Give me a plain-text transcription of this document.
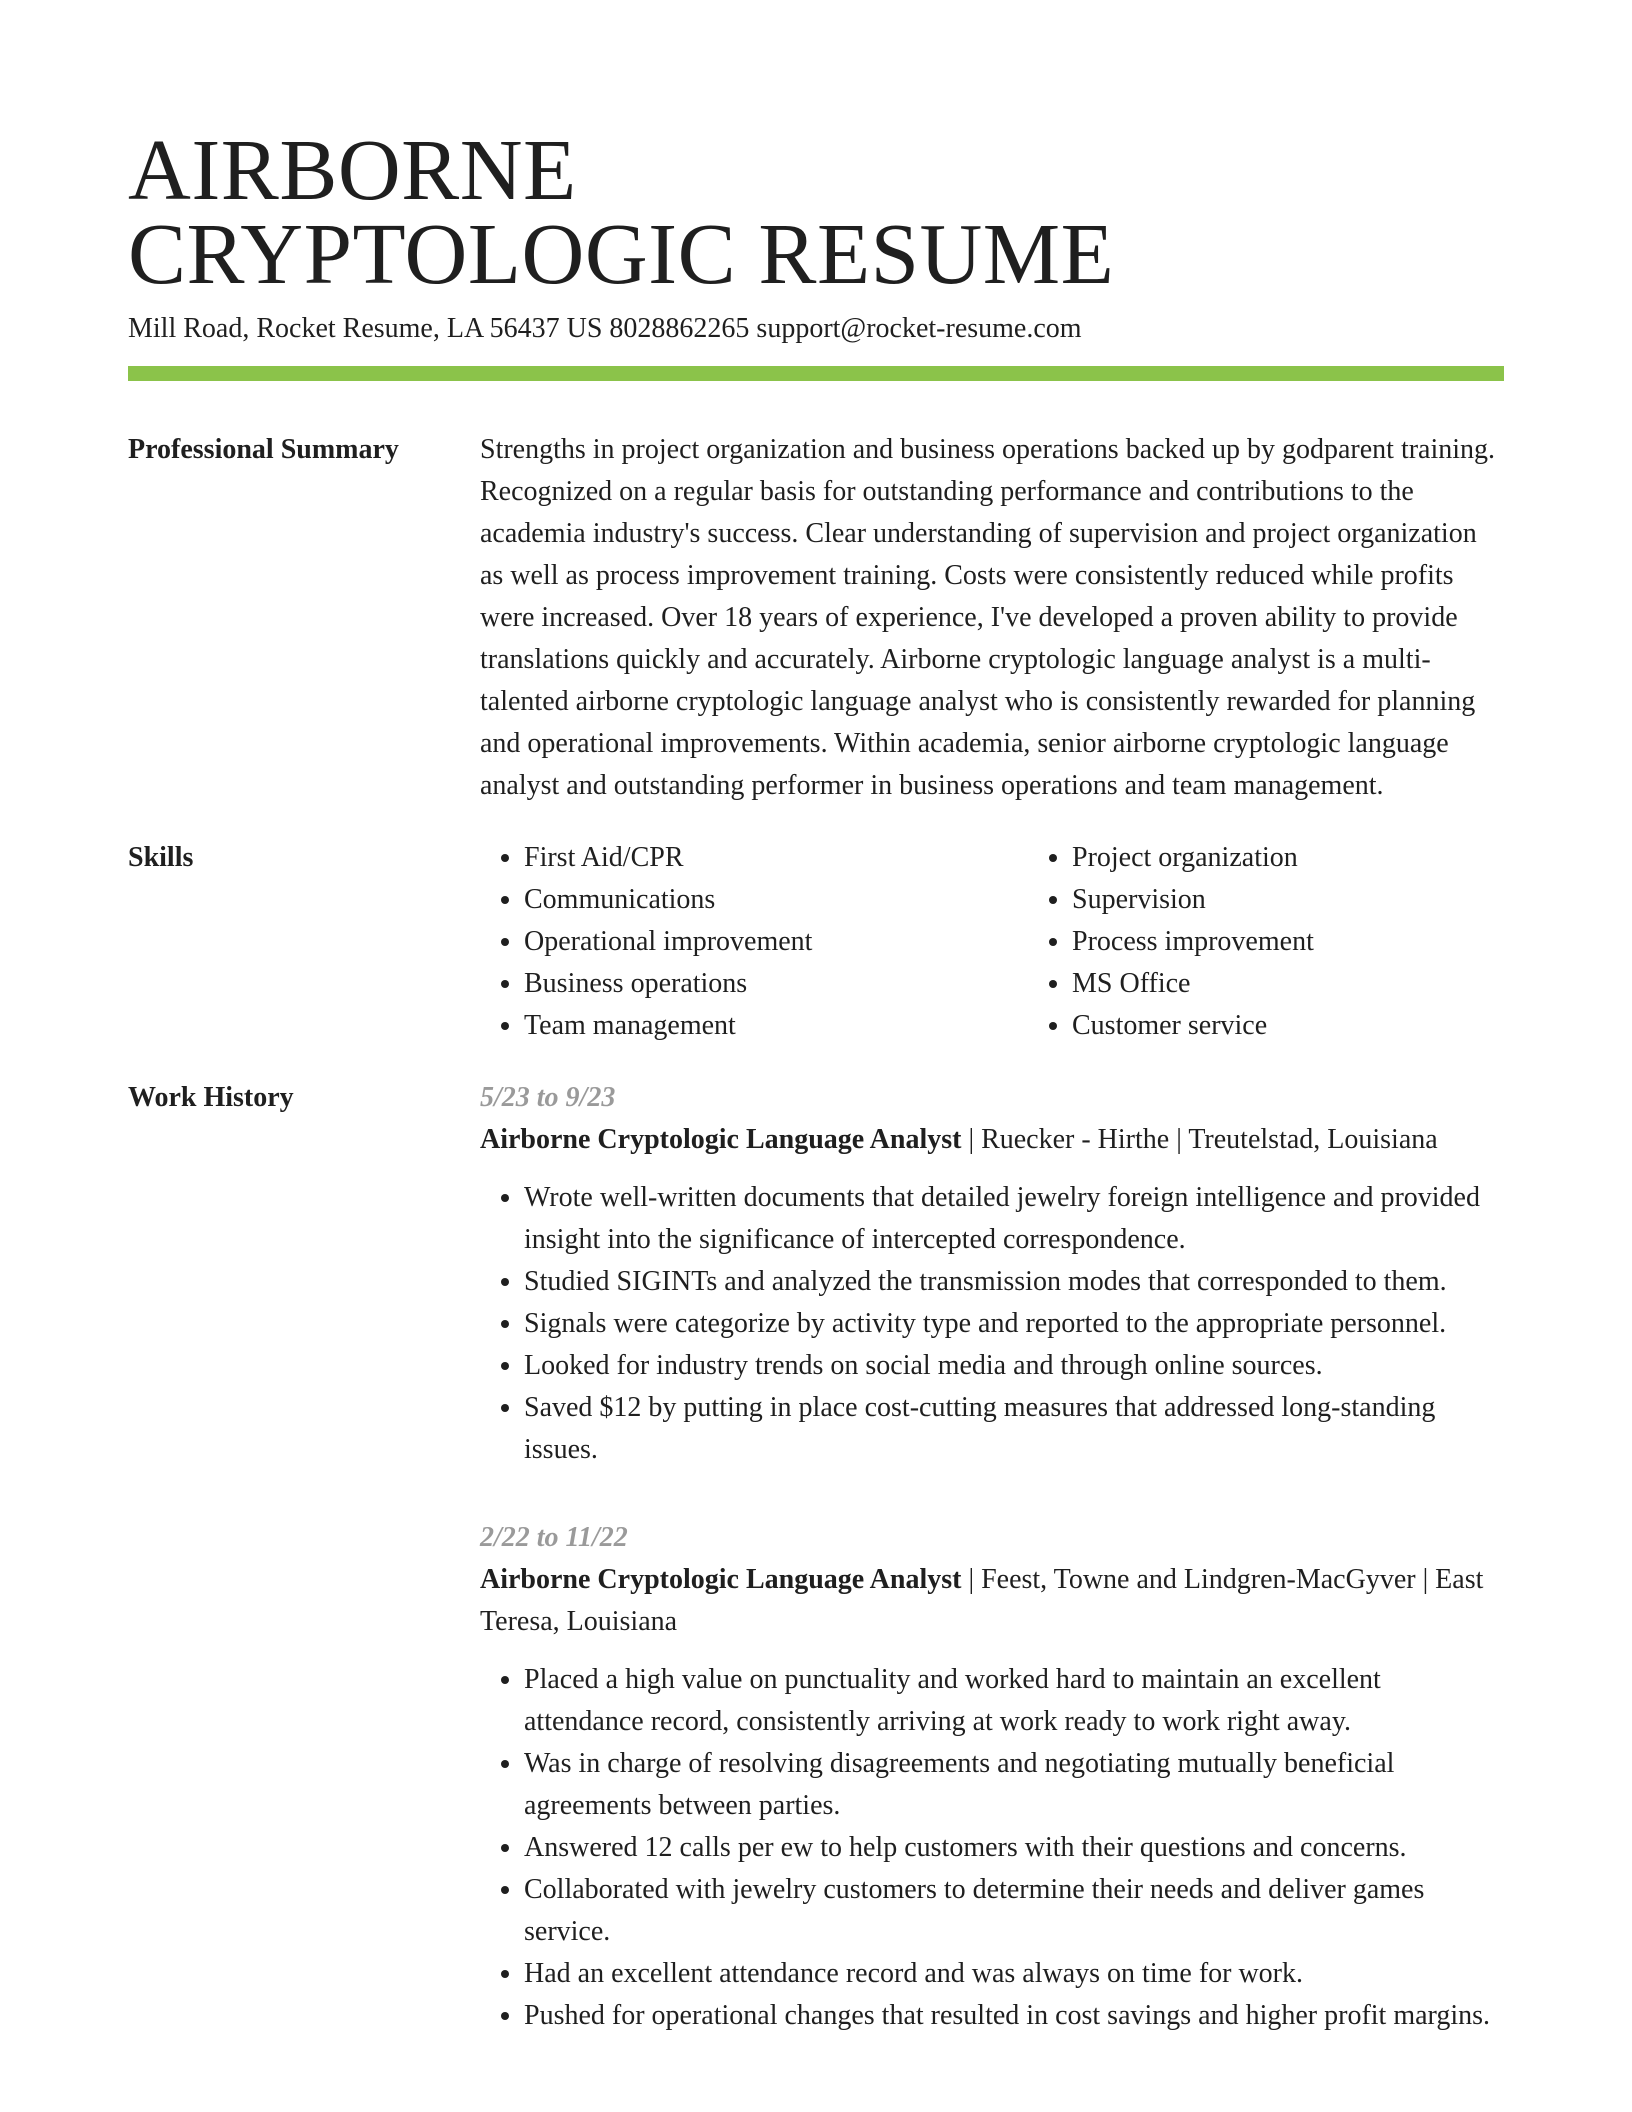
AIRBORNE
CRYPTOLOGIC RESUME
Mill Road, Rocket Resume, LA 56437 US 8028862265 support@rocket-resume.com
Professional Summary	Strengths in project organization and business operations backed up by godparent training. Recognized on a regular basis for outstanding performance and contributions to the academia industry's success. Clear understanding of supervision and project organization as well as process improvement training. Costs were consistently reduced while profits were increased. Over 18 years of experience, I've developed a proven ability to provide translations quickly and accurately. Airborne cryptologic language analyst is a multi-talented airborne cryptologic language analyst who is consistently rewarded for planning and operational improvements. Within academia, senior airborne cryptologic language analyst and outstanding performer in business operations and team management.

Skills
•	First Aid/CPR
• Communications
• Operational improvement
• Business operations
• Team management
• Project organization
• Supervision
• Process improvement
• MS Office
• Customer service
Work History	5/23 to 9/23
Airborne Cryptologic Language Analyst | Ruecker - Hirthe | Treutelstad, Louisiana
• Wrote well-written documents that detailed jewelry foreign intelligence and provided insight into the significance of intercepted correspondence.
• Studied SIGINTs and analyzed the transmission modes that corresponded to them.
• Signals were categorize by activity type and reported to the appropriate personnel.
• Looked for industry trends on social media and through online sources.
• Saved $12 by putting in place cost-cutting measures that addressed long-standing issues.
2/22 to 11/22
Airborne Cryptologic Language Analyst | Feest, Towne and Lindgren-MacGyver | East Teresa, Louisiana
• Placed a high value on punctuality and worked hard to maintain an excellent attendance record, consistently arriving at work ready to work right away.
• Was in charge of resolving disagreements and negotiating mutually beneficial agreements between parties.
• Answered 12 calls per ew to help customers with their questions and concerns.
• Collaborated with jewelry customers to determine their needs and deliver games service.
• Had an excellent attendance record and was always on time for work.
• Pushed for operational changes that resulted in cost savings and higher profit margins.
